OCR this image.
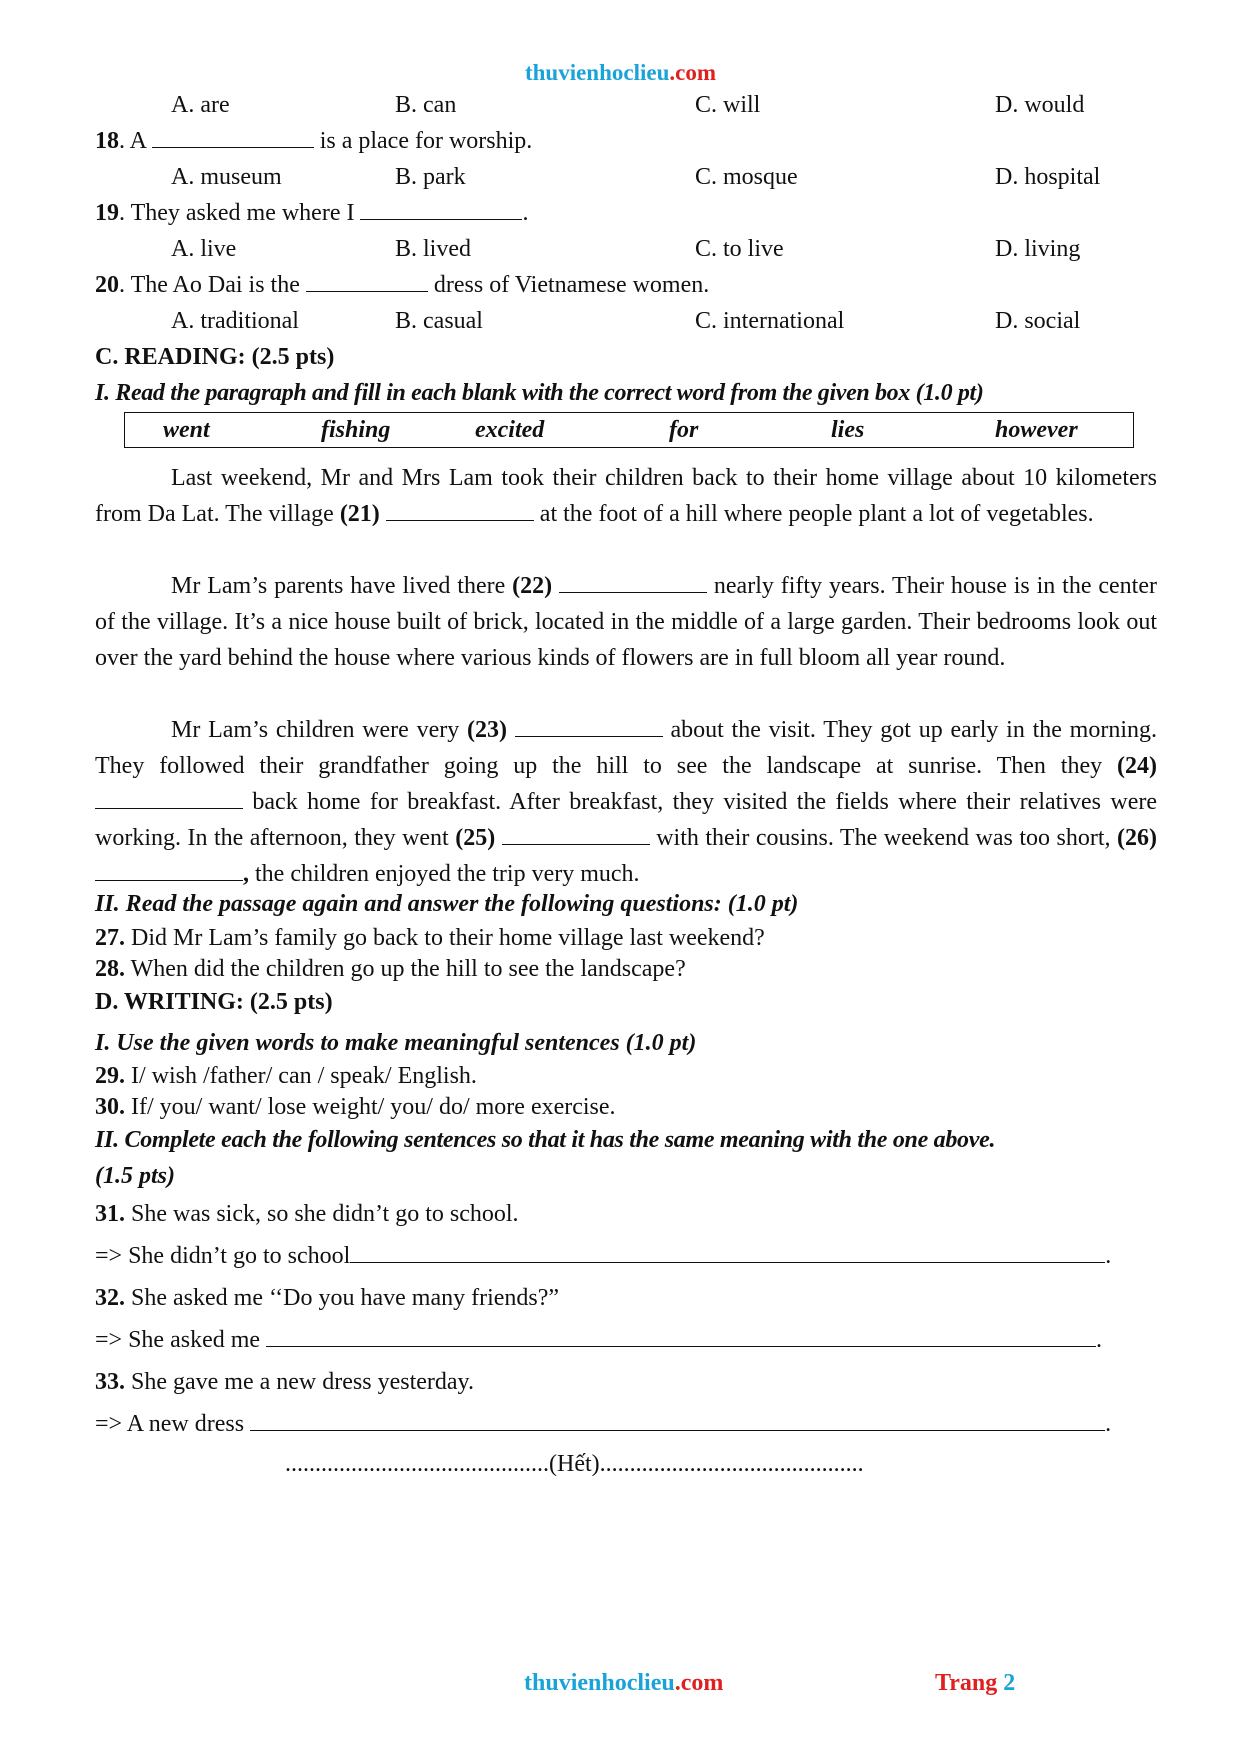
thuvienhoclieu.com
A. are	B. can	C. will	D. would
18. A	is a place for worship.
A. museum	B. park	C. mosque	D. hospital
19. They asked me where I	.
A. live	B. lived	C. to live	D. living
20. The Ao Dai is the	dress of Vietnamese women.
A. traditional	B. casual	C. international	D. social
C. READING: (2.5 pts)
I. Read the paragraph and fill in each blank with the correct word from the given box (1.0 pt)
went	fishing	excited	for	lies	however
Last weekend, Mr and Mrs Lam took their children back to their home village about 10 kilometers from Da Lat. The village (21)	at the foot of a hill where people plant a lot of vegetables.
Mr Lam’s parents have lived there (22)	nearly fifty years. Their house is in the center of the village. It’s a nice house built of brick, located in the middle of a large garden. Their bedrooms look out over the yard behind the house where various kinds of flowers are in full bloom all year round.
Mr Lam’s children were very (23)	about the visit. They got up early in the morning. They followed their grandfather going up the hill to see the landscape at sunrise. Then they (24)  back home for breakfast. After breakfast, they visited the fields where their relatives were working. In the afternoon, they went (25)	with their cousins. The weekend was too short, (26) , the children enjoyed the trip very much.
II. Read the passage again and answer the following questions: (1.0 pt)
27. Did Mr Lam’s family go back to their home village last weekend?
28. When did the children go up the hill to see the landscape?
D. WRITING: (2.5 pts)
I. Use the given words to make meaningful sentences (1.0 pt)
29. I/ wish /father/ can / speak/ English.
30. If/ you/ want/ lose weight/ you/ do/ more exercise.
II. Complete each the following sentences so that it has the same meaning with the one above.
(1.5 pts)
31. She was sick, so she didn’t go to school.
=> She didn’t go to school	.
32. She asked me ‘‘Do you have many friends?”
=> She asked me	.
33. She gave me a new dress yesterday.
=> A new dress	.
............................................(Hết)............................................
thuvienhoclieu.com	Trang 2
